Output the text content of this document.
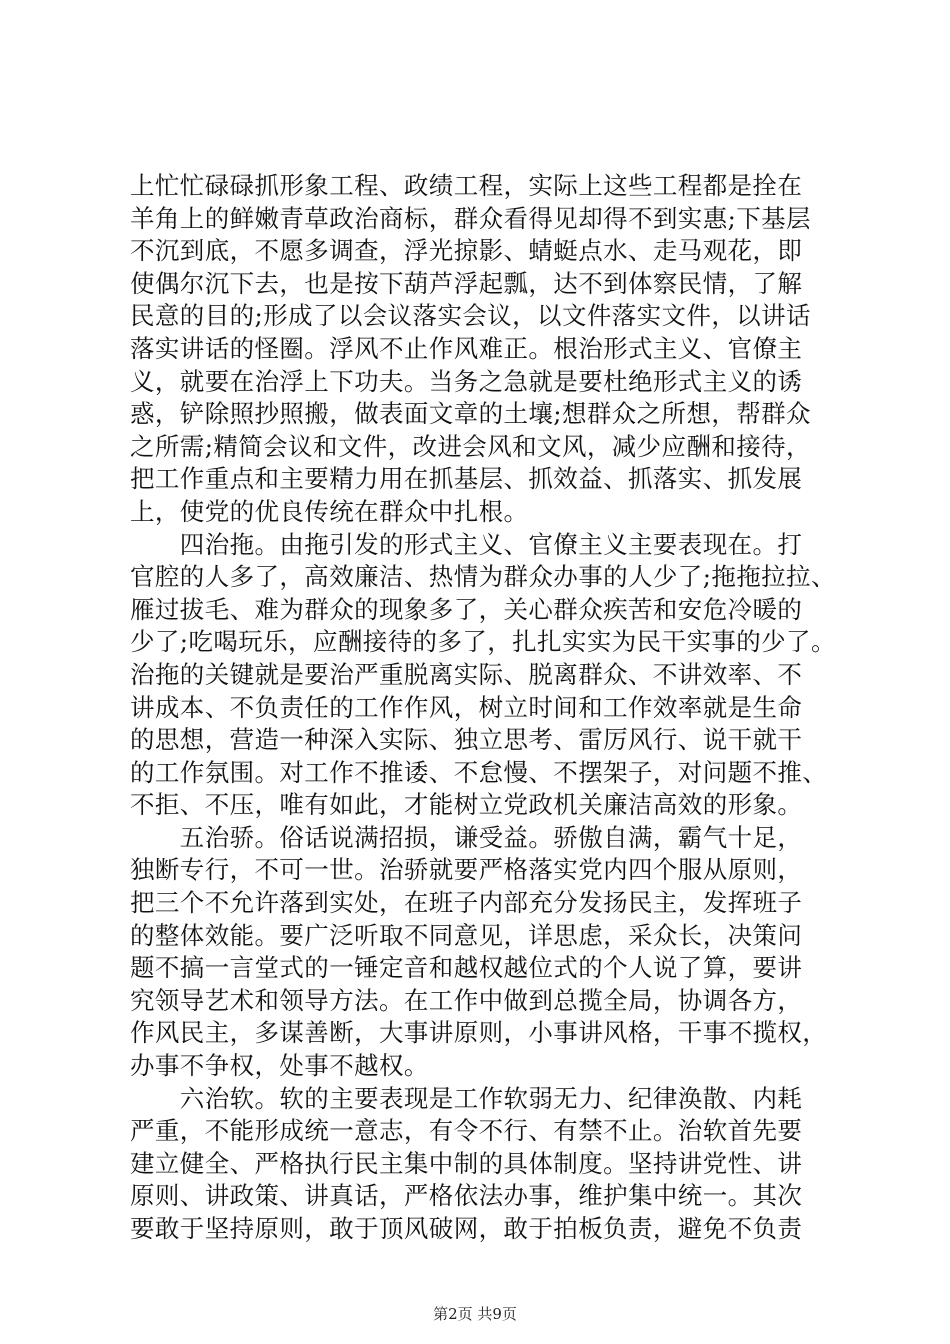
上忙忙碌碌抓形象工程、政绩工程，实际上这些工程都是拴在
羊角上的鲜嫩青草政治商标，群众看得见却得不到实惠;下基层
不沉到底，不愿多调查，浮光掠影、蜻蜓点水、走马观花，即
使偶尔沉下去，也是按下葫芦浮起瓢，达不到体察民情，了解
民意的目的;形成了以会议落实会议，以文件落实文件，以讲话
落实讲话的怪圈。浮风不止作风难正。根治形式主义、官僚主
义，就要在治浮上下功夫。当务之急就是要杜绝形式主义的诱
惑，铲除照抄照搬，做表面文章的土壤;想群众之所想，帮群众
之所需;精简会议和文件，改进会风和文风，减少应酬和接待，
把工作重点和主要精力用在抓基层、抓效益、抓落实、抓发展
上，使党的优良传统在群众中扎根。
　　四治拖。由拖引发的形式主义、官僚主义主要表现在。打
官腔的人多了，高效廉洁、热情为群众办事的人少了;拖拖拉拉、
雁过拔毛、难为群众的现象多了，关心群众疾苦和安危冷暖的
少了;吃喝玩乐，应酬接待的多了，扎扎实实为民干实事的少了。
治拖的关键就是要治严重脱离实际、脱离群众、不讲效率、不
讲成本、不负责任的工作作风，树立时间和工作效率就是生命
的思想，营造一种深入实际、独立思考、雷厉风行、说干就干
的工作氛围。对工作不推诿、不怠慢、不摆架子，对问题不推、
不拒、不压，唯有如此，才能树立党政机关廉洁高效的形象。
　　五治骄。俗话说满招损，谦受益。骄傲自满，霸气十足，
独断专行，不可一世。治骄就要严格落实党内四个服从原则，
把三个不允许落到实处，在班子内部充分发扬民主，发挥班子
的整体效能。要广泛听取不同意见，详思虑，采众长，决策问
题不搞一言堂式的一锤定音和越权越位式的个人说了算，要讲
究领导艺术和领导方法。在工作中做到总揽全局，协调各方，
作风民主，多谋善断，大事讲原则，小事讲风格，干事不揽权，
办事不争权，处事不越权。
　　六治软。软的主要表现是工作软弱无力、纪律涣散、内耗
严重，不能形成统一意志，有令不行、有禁不止。治软首先要
建立健全、严格执行民主集中制的具体制度。坚持讲党性、讲
原则、讲政策、讲真话，严格依法办事，维护集中统一。其次
要敢于坚持原则，敢于顶风破网，敢于拍板负责，避免不负责
第2页 共9页
